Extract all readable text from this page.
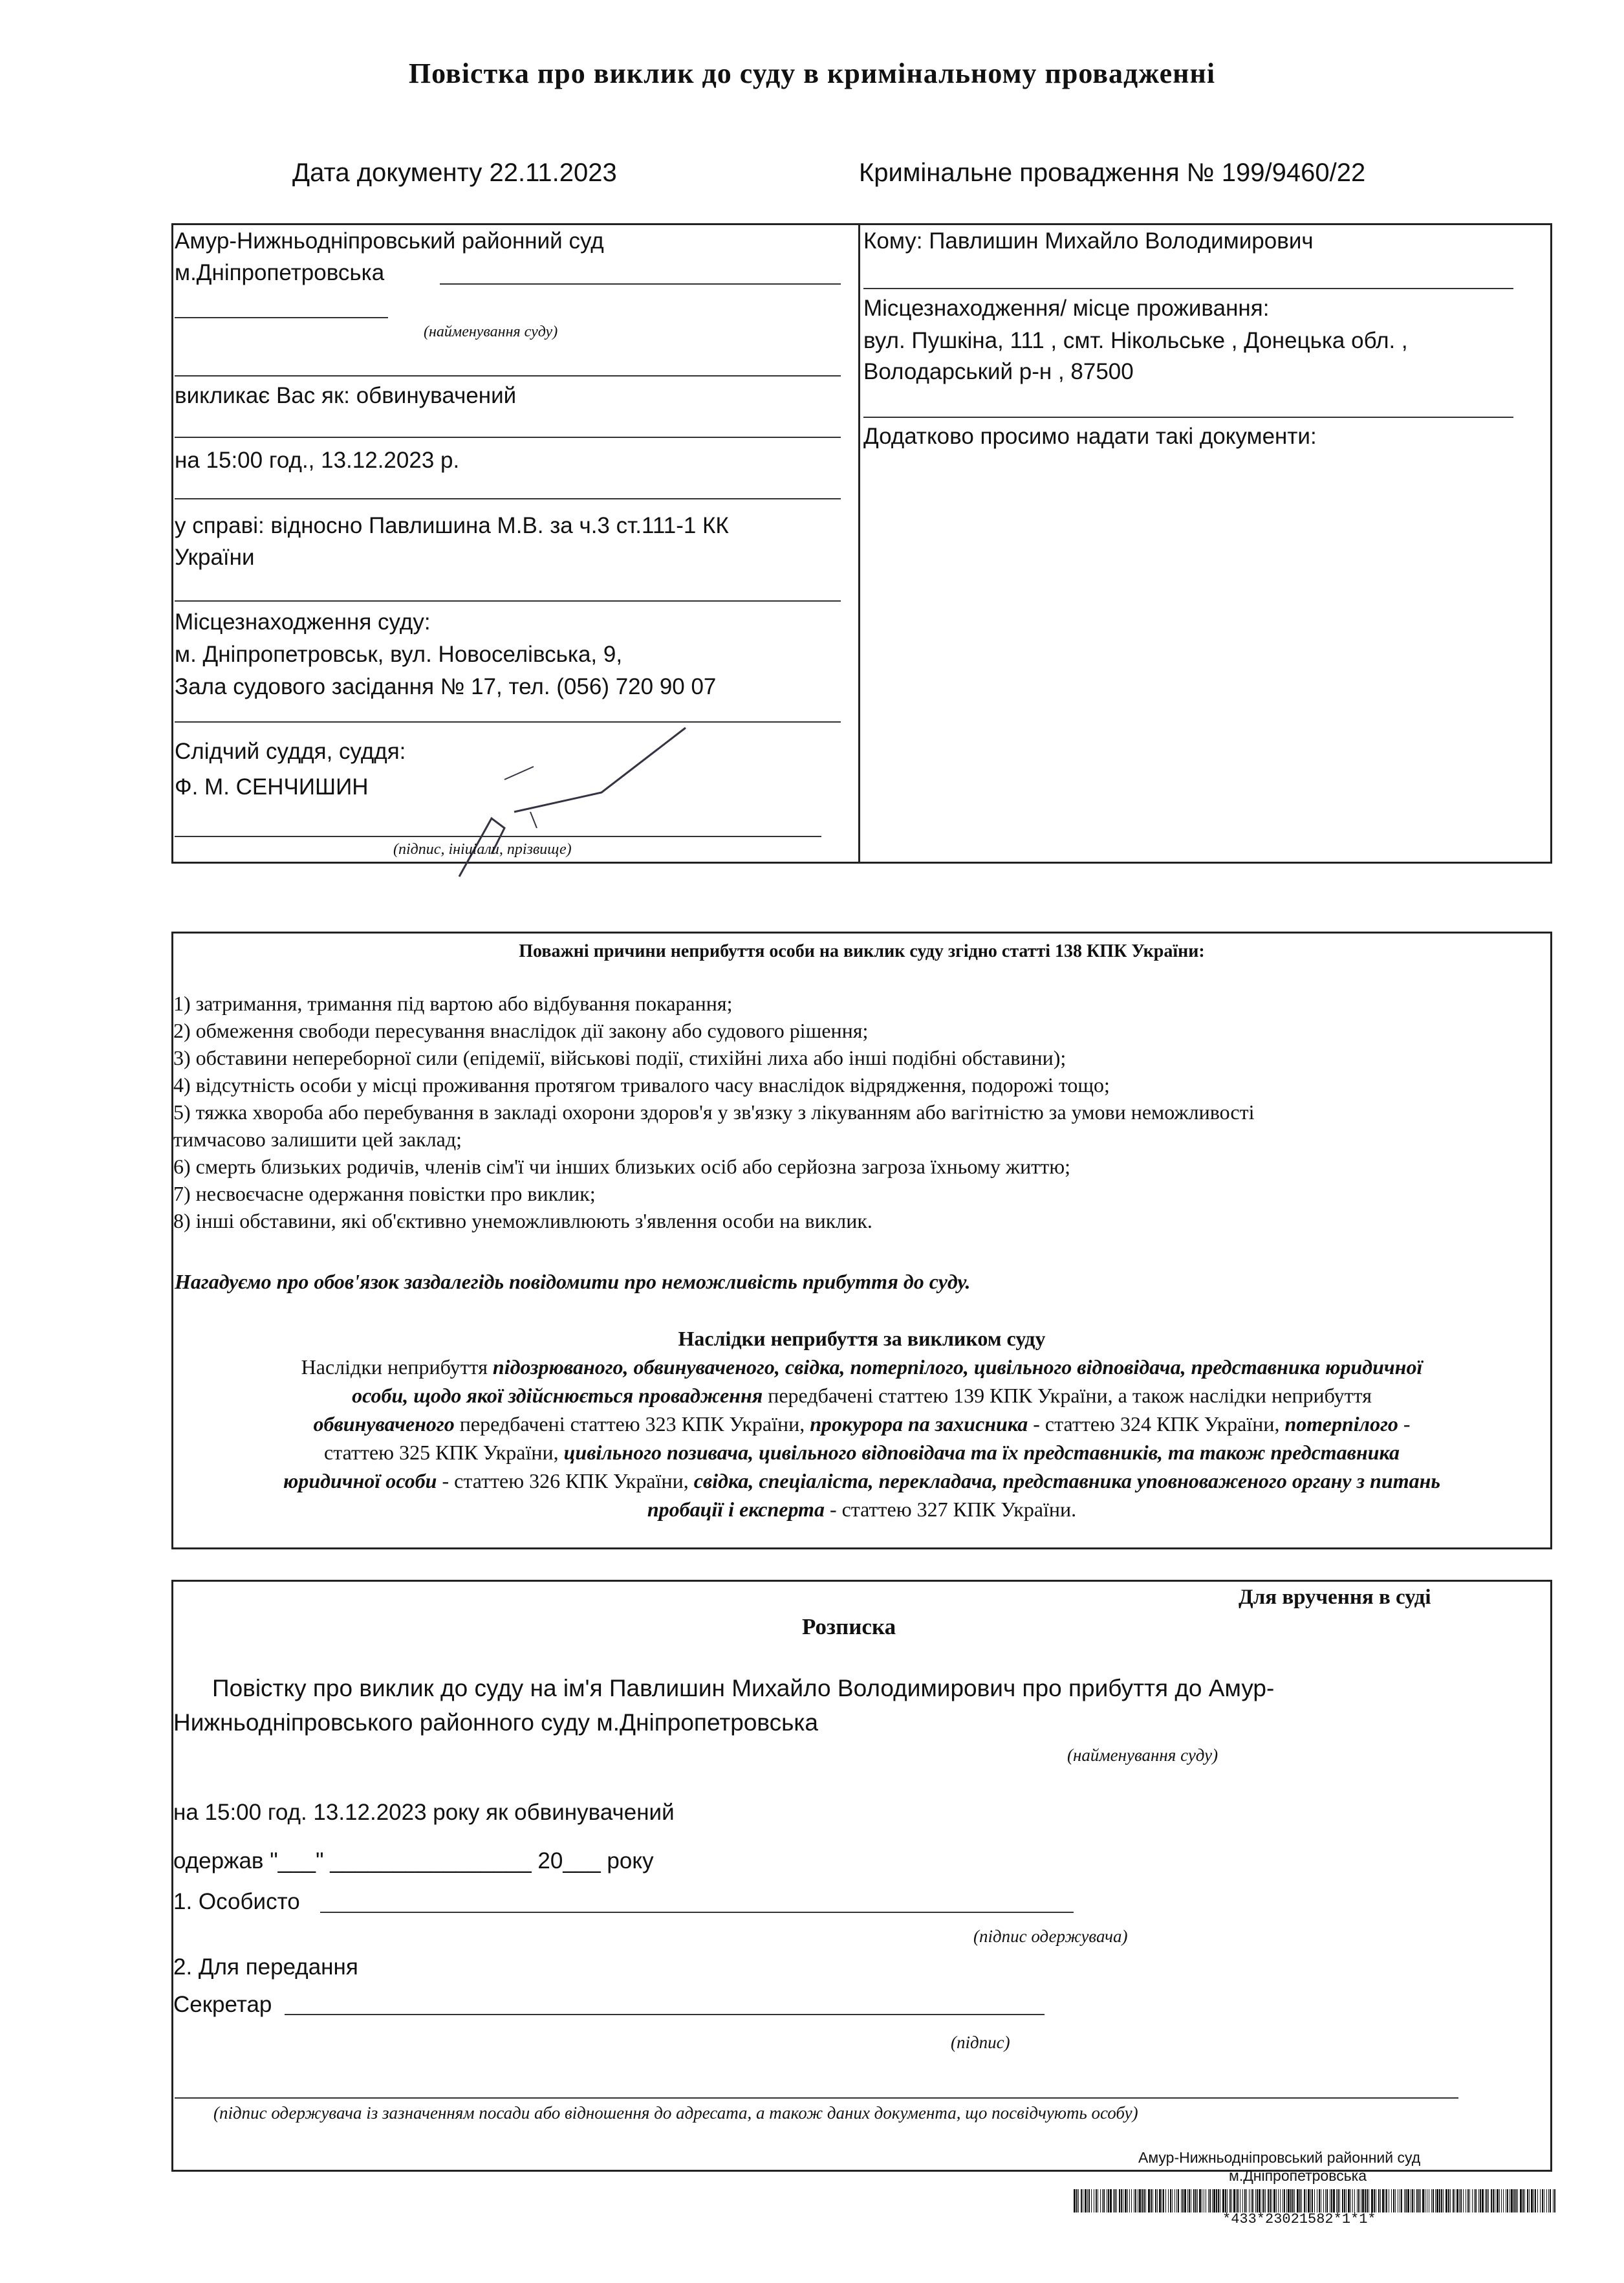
Повістка про виклик до суду в кримінальному провадженні
Дата документу 22.11.2023	Кримінальне провадження № 199/9460/22
Амур-Нижньодніпровський районний суд
м.Дніпропетровська
(найменування суду)
викликає Вас як: обвинувачений
на 15:00 год., 13.12.2023 р.
у справі: відносно Павлишина М.В. за ч.3 ст.111-1 КК
України
Місцезнаходження суду:
м. Дніпропетровськ, вул. Новоселівська, 9,
Зала судового засідання № 17, тел. (056) 720 90 07
Слідчий суддя, суддя:
Ф. М. СЕНЧИШИН
(підпис, ініціали, прізвище)
Кому: Павлишин Михайло Володимирович
Місцезнаходження/ місце проживання:
вул. Пушкіна, 111 , смт. Нікольське , Донецька обл. ,
Володарський р-н , 87500
Додатково просимо надати такі документи:
Поважні причини неприбуття особи на виклик суду згідно статті 138 КПК України:
1) затримання, тримання під вартою або відбування покарання;
2) обмеження свободи пересування внаслідок дії закону або судового рішення;
3) обставини непереборної сили (епідемії, військові події, стихійні лиха або інші подібні обставини);
4) відсутність особи у місці проживання протягом тривалого часу внаслідок відрядження, подорожі тощо;
5) тяжка хвороба або перебування в закладі охорони здоров'я у зв'язку з лікуванням або вагітністю за умови неможливості
тимчасово залишити цей заклад;
6) смерть близьких родичів, членів сім'ї чи інших близьких осіб або серйозна загроза їхньому життю;
7) несвоєчасне одержання повістки про виклик;
8) інші обставини, які об'єктивно унеможливлюють з'явлення особи на виклик.
Нагадуємо про обов'язок заздалегідь повідомити про неможливість прибуття до суду.
Наслідки неприбуття за викликом суду
Наслідки неприбуття підозрюваного, обвинуваченого, свідка, потерпілого, цивільного відповідача, представника юридичної
особи, щодо якої здійснюється провадження передбачені статтею 139 КПК України, а також наслідки неприбуття
обвинуваченого передбачені статтею 323 КПК України, прокурора па захисника - статтею 324 КПК України, потерпілого -
статтею 325 КПК України, цивільного позивача, цивільного відповідача та їх представників, та також представника
юридичної особи - статтею 326 КПК України, свідка, спеціаліста, перекладача, представника уповноваженого органу з питань
пробації і експерта - статтею 327 КПК України.
Для вручення в суді
Розписка
Повістку про виклик до суду на ім'я Павлишин Михайло Володимирович про прибуття до Амур-
Нижньодніпровського районного суду м.Дніпропетровська
(найменування суду)
на 15:00 год. 13.12.2023 року як обвинувачений
одержав "___" ________________ 20___ року
1. Особисто
(підпис одержувача)
2. Для передання
Секретар
(підпис)
(підпис одержувача із зазначенням посади або відношення до адресата, а також даних документа, що посвідчують особу)
Амур-Нижньодніпровський районний суд
м.Дніпропетровська
*433*23021582*1*1*
